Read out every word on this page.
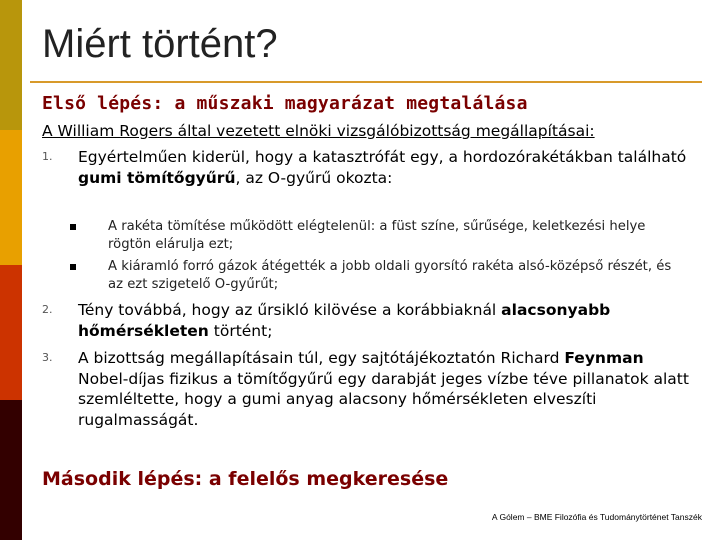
Miért történt?
Első lépés: a műszaki magyarázat megtalálása

A William Rogers által vezetett elnöki vizsgálóbizottság megállapításai:

1. Egyértelműen kiderül, hogy a katasztrófát egy, a hordozórakétákban található gumi tömítőgyűrű, az O-gyűrű okozta:
A rakéta tömítése működött elégtelenül: a füst színe, sűrűsége, keletkezési helye rögtön elárulja ezt;
A kiáramló forró gázok átégették a jobb oldali gyorsító rakéta alsó-középső részét, és az ezt szigetelő O-gyűrűt;
2. Tény továbbá, hogy az űrsikló kilövése a korábbiaknál alacsonyabb hőmérsékleten történt;
3. A bizottság megállapításain túl, egy sajtótájékoztatón Richard Feynman Nobel-díjas fizikus a tömítőgyűrű egy darabját jeges vízbe téve pillanatok alatt szemléltette, hogy a gumi anyag alacsony hőmérsékleten elveszíti rugalmasságát.
Második lépés: a felelős megkeresése
A Gólem – BME Filozófia és Tudománytörténet Tanszék
